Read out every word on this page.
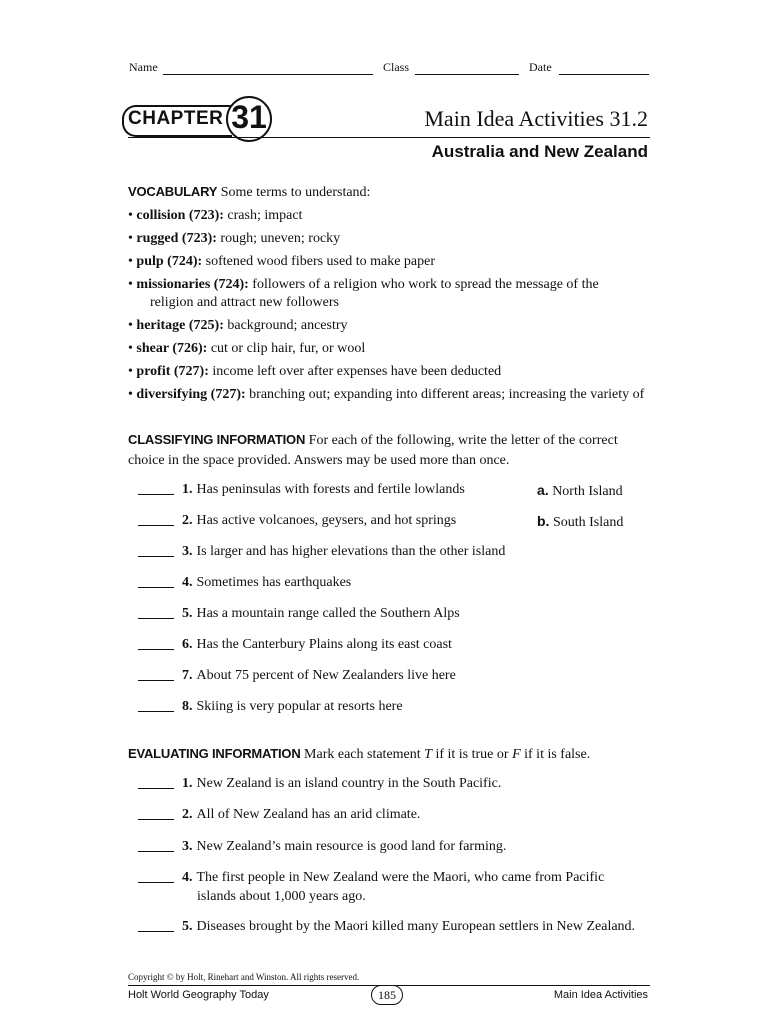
Name	Class	Date
CHAPTER 31	Main Idea Activities 31.2
Australia and New Zealand
VOCABULARY Some terms to understand:
• collision (723): crash; impact
• rugged (723): rough; uneven; rocky
• pulp (724): softened wood fibers used to make paper
• missionaries (724): followers of a religion who work to spread the message of the
religion and attract new followers
• heritage (725): background; ancestry
• shear (726): cut or clip hair, fur, or wool
• profit (727): income left over after expenses have been deducted
• diversifying (727): branching out; expanding into different areas; increasing the variety of
CLASSIFYING INFORMATION For each of the following, write the letter of the correct
choice in the space provided. Answers may be used more than once.
1. Has peninsulas with forests and fertile lowlands
2. Has active volcanoes, geysers, and hot springs
3. Is larger and has higher elevations than the other island
4. Sometimes has earthquakes
5. Has a mountain range called the Southern Alps
6. Has the Canterbury Plains along its east coast
7. About 75 percent of New Zealanders live here
8. Skiing is very popular at resorts here
a. North Island
b. South Island
EVALUATING INFORMATION Mark each statement T if it is true or F if it is false.
1. New Zealand is an island country in the South Pacific.
2. All of New Zealand has an arid climate.
3. New Zealand’s main resource is good land for farming.
4. The first people in New Zealand were the Maori, who came from Pacific
islands about 1,000 years ago.
5. Diseases brought by the Maori killed many European settlers in New Zealand.
Copyright © by Holt, Rinehart and Winston. All rights reserved.
Holt World Geography Today	185	Main Idea Activities
